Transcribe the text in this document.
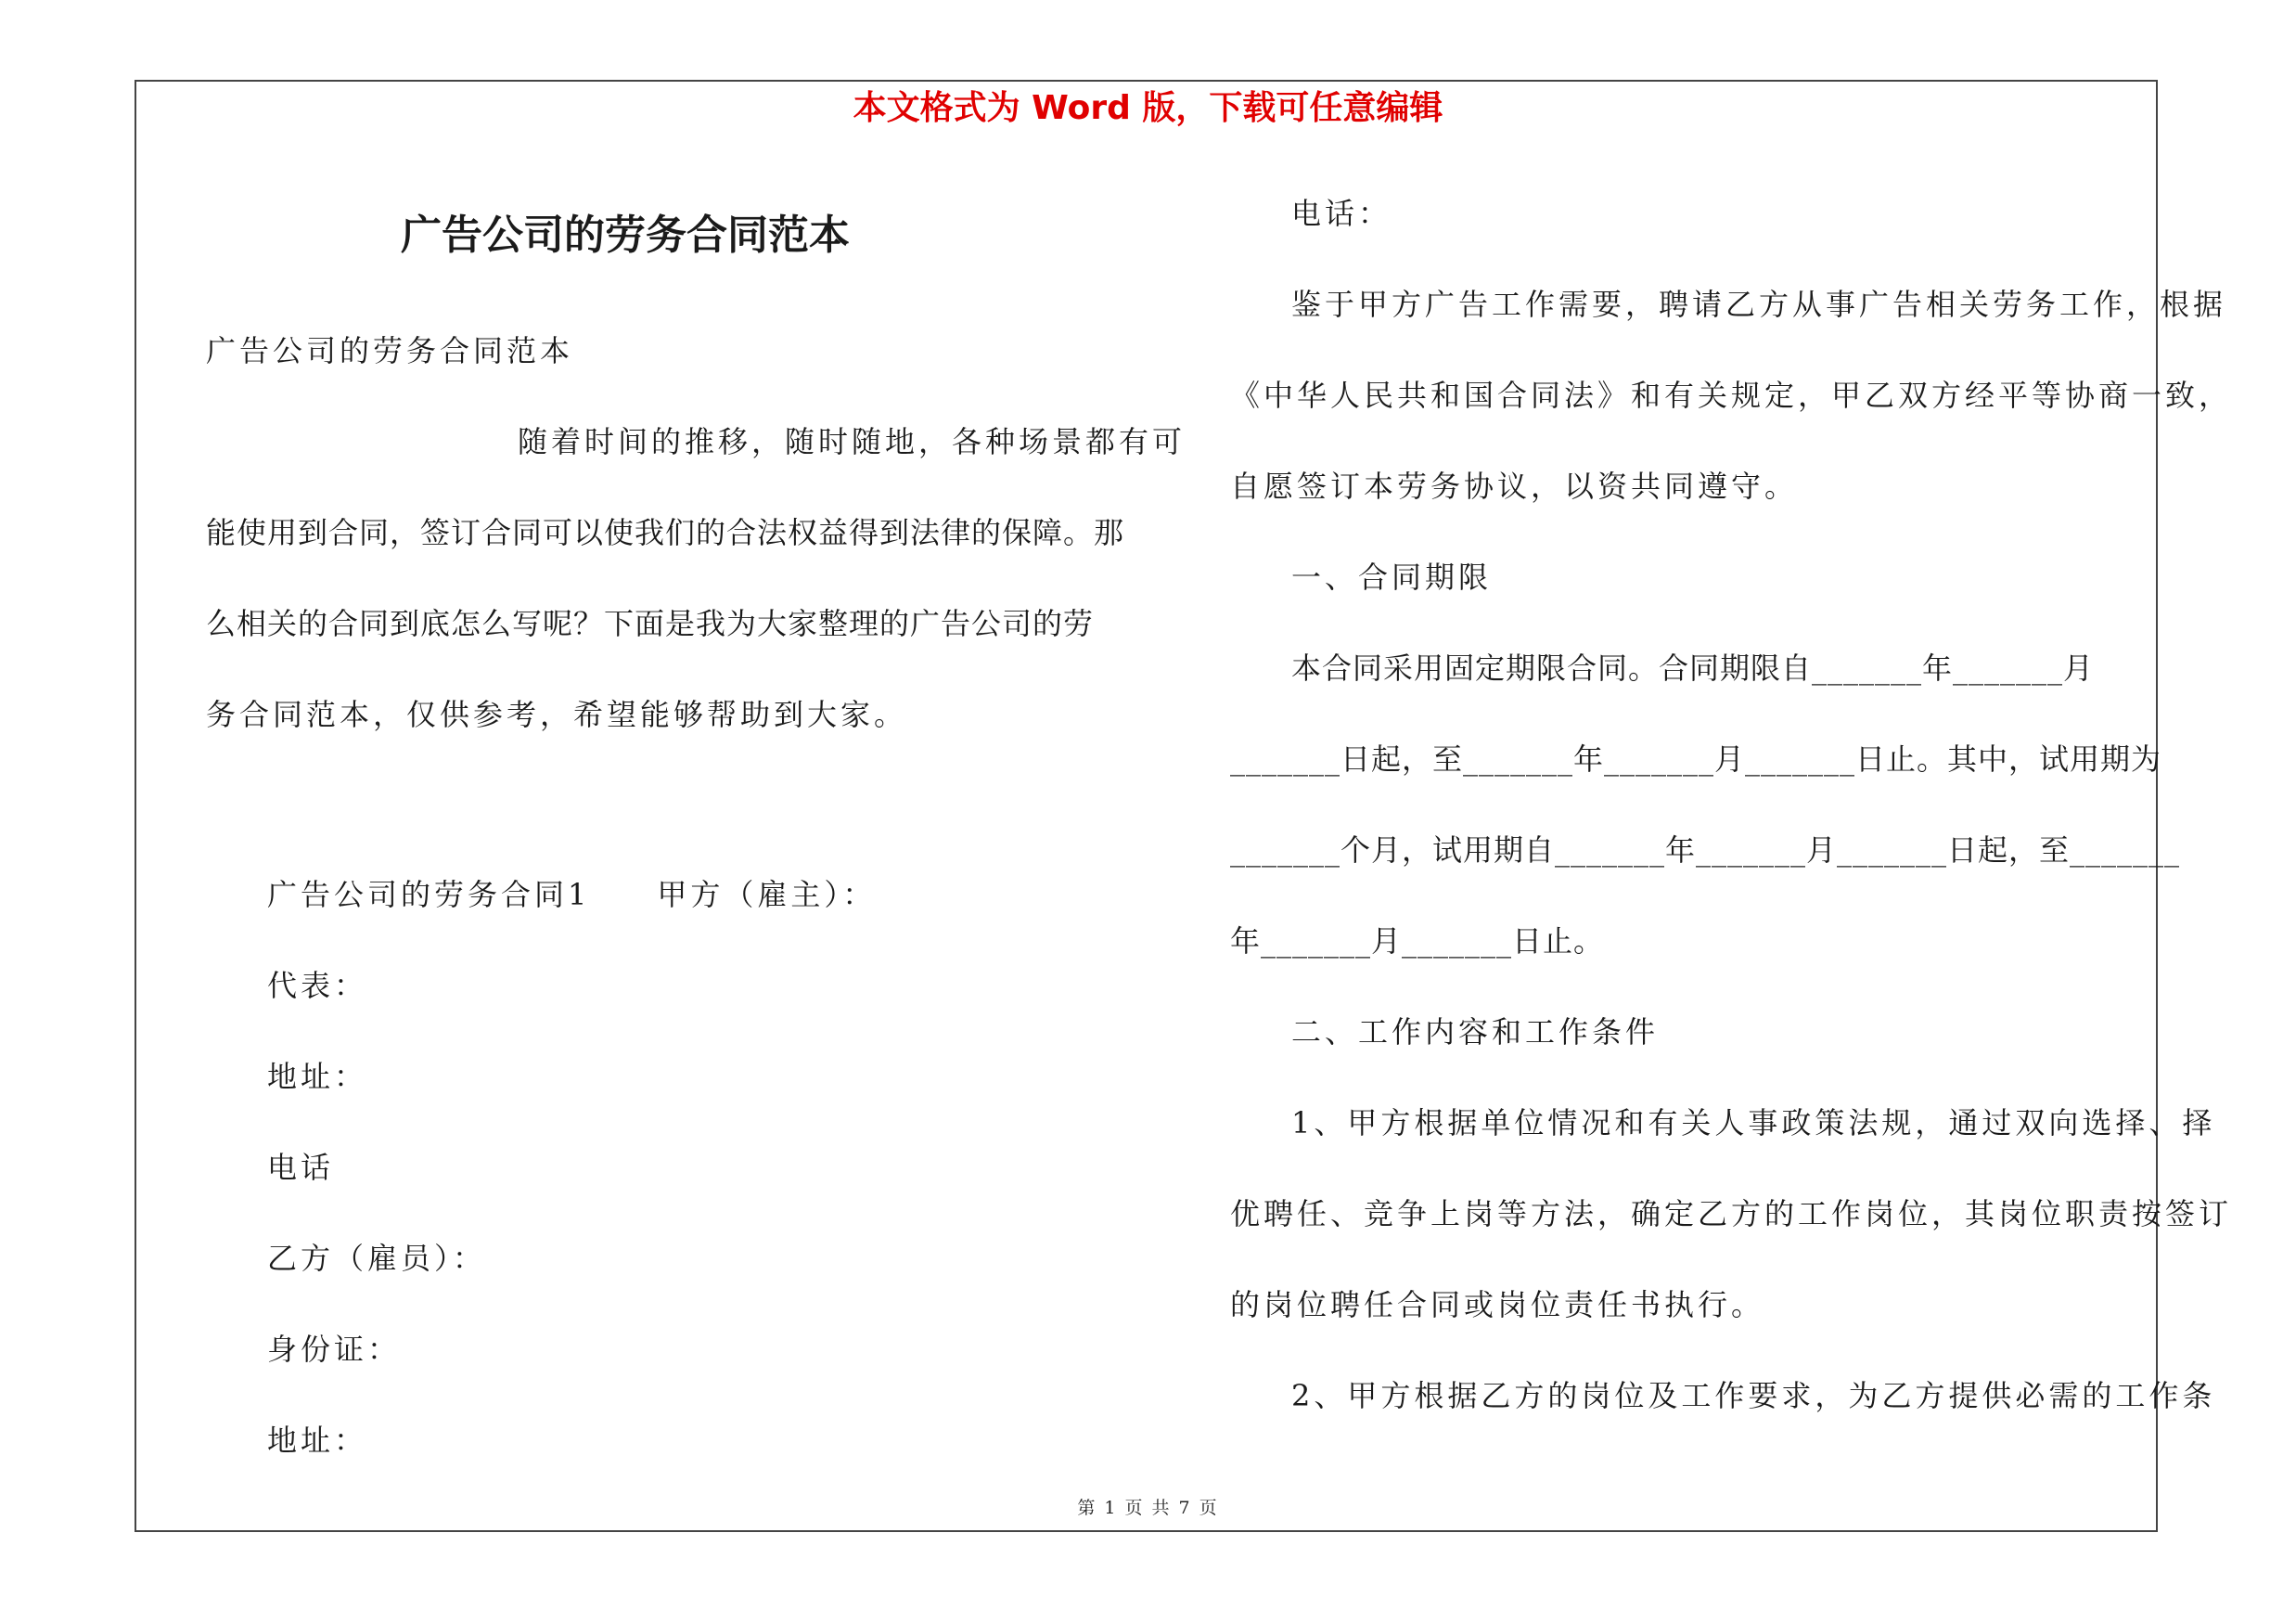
本文格式为 Word 版，下载可任意编辑
广告公司的劳务合同范本
广告公司的劳务合同范本
随着时间的推移，随时随地，各种场景都有可
能使用到合同，签订合同可以使我们的合法权益得到法律的保障。那
么相关的合同到底怎么写呢？下面是我为大家整理的广告公司的劳
务合同范本，仅供参考，希望能够帮助到大家。
广告公司的劳务合同1　　甲方（雇主）：
代表：
地址：
电话
乙方（雇员）：
身份证：
地址：
电话：
鉴于甲方广告工作需要，聘请乙方从事广告相关劳务工作，根据
《中华人民共和国合同法》和有关规定，甲乙双方经平等协商一致，
自愿签订本劳务协议，以资共同遵守。
一、合同期限
本合同采用固定期限合同。合同期限自_______年_______月
_______日起，至_______年_______月_______日止。其中，试用期为
_______个月，试用期自_______年_______月_______日起，至_______
年_______月_______日止。
二、工作内容和工作条件
1、甲方根据单位情况和有关人事政策法规，通过双向选择、择
优聘任、竞争上岗等方法，确定乙方的工作岗位，其岗位职责按签订
的岗位聘任合同或岗位责任书执行。
2、甲方根据乙方的岗位及工作要求，为乙方提供必需的工作条
第 1 页 共 7 页
